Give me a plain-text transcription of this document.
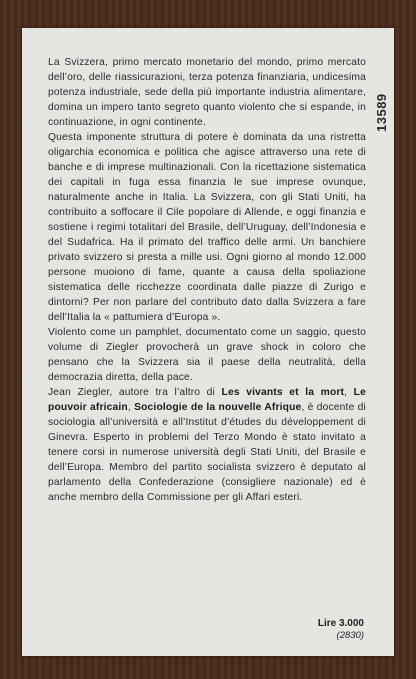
13589

La Svizzera, primo mercato monetario del mondo, primo mercato dell’oro, delle riassicurazioni, terza potenza finanziaria, undicesima potenza industriale, sede della più importante industria alimentare, domina un impero tanto segreto quanto violento che si espande, in continuazione, in ogni continente.

Questa imponente struttura di potere è dominata da una ristretta oligarchia economica e politica che agisce attraverso una rete di banche e di imprese multinazionali. Con la ricettazione sistematica dei capitali in fuga essa finanzia le sue imprese ovunque, naturalmente anche in Italia. La Svizzera, con gli Stati Uniti, ha contribuito a soffocare il Cile popolare di Allende, e oggi finanzia e sostiene i regimi totalitari del Brasile, dell’Uruguay, dell’Indonesia e del Sudafrica. Ha il primato del traffico delle armi. Un banchiere privato svizzero si presta a mille usi. Ogni giorno al mondo 12.000 persone muoiono di fame, quante a causa della spoliazione sistematica delle ricchezze coordinata dalle piazze di Zurigo e dintorni? Per non parlare del contributo dato dalla Svizzera a fare dell’Italia la « pattumiera d’Europa ».

Violento come un pamphlet, documentato come un saggio, questo volume di Ziegler provocherà un grave shock in coloro che pensano che la Svizzera sia il paese della neutralità, della democrazia diretta, della pace.

Jean Ziegler, autore tra l’altro di Les vivants et la mort, Le pouvoir africain, Sociologie de la nouvelle Afrique, è docente di sociologia all’università e all’Institut d’études du développement di Ginevra. Esperto in problemi del Terzo Mondo è stato invitato a tenere corsi in numerose università degli Stati Uniti, del Brasile e dell’Europa. Membro del partito socialista svizzero è deputato al parlamento della Confederazione (consigliere nazionale) ed è anche membro della Commissione per gli Affari esteri.

Lire 3.000
(2830)
